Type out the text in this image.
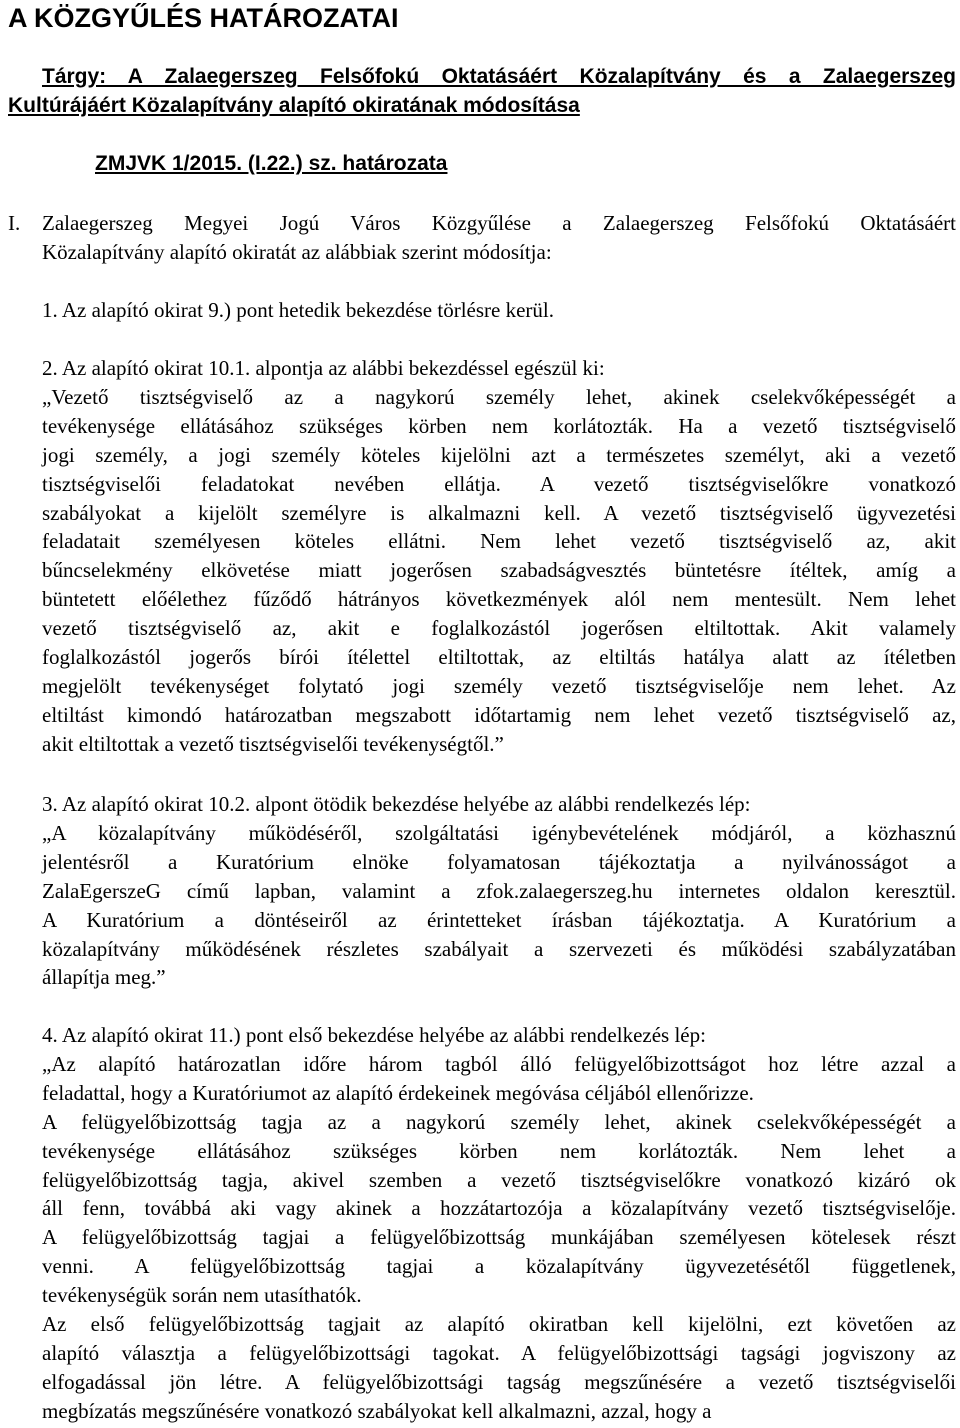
A KÖZGYŰLÉS HATÁROZATAI
Tárgy: A Zalaegerszeg Felsőfokú Oktatásáért Közalapítvány és a Zalaegerszeg
Kultúrájáért Közalapítvány alapító okiratának módosítása
ZMJVK 1/2015. (I.22.) sz. határozata
I.	Zalaegerszeg Megyei Jogú Város Közgyűlése a Zalaegerszeg Felsőfokú Oktatásáért
Közalapítvány alapító okiratát az alábbiak szerint módosítja:
1. Az alapító okirat 9.) pont hetedik bekezdése törlésre kerül.
2. Az alapító okirat 10.1. alpontja az alábbi bekezdéssel egészül ki:
„Vezető tisztségviselő az a nagykorú személy lehet, akinek cselekvőképességét a
tevékenysége ellátásához szükséges körben nem korlátozták. Ha a vezető tisztségviselő
jogi személy, a jogi személy köteles kijelölni azt a természetes személyt, aki a vezető
tisztségviselői feladatokat nevében ellátja. A vezető tisztségviselőkre vonatkozó
szabályokat a kijelölt személyre is alkalmazni kell. A vezető tisztségviselő ügyvezetési
feladatait személyesen köteles ellátni. Nem lehet vezető tisztségviselő az, akit
bűncselekmény elkövetése miatt jogerősen szabadságvesztés büntetésre ítéltek, amíg a
büntetett előélethez fűződő hátrányos következmények alól nem mentesült. Nem lehet
vezető tisztségviselő az, akit e foglalkozástól jogerősen eltiltottak. Akit valamely
foglalkozástól jogerős bírói ítélettel eltiltottak, az eltiltás hatálya alatt az ítéletben
megjelölt tevékenységet folytató jogi személy vezető tisztségviselője nem lehet. Az
eltiltást kimondó határozatban megszabott időtartamig nem lehet vezető tisztségviselő az,
akit eltiltottak a vezető tisztségviselői tevékenységtől.”
3. Az alapító okirat 10.2. alpont ötödik bekezdése helyébe az alábbi rendelkezés lép:
„A közalapítvány működéséről, szolgáltatási igénybevételének módjáról, a közhasznú
jelentésről a Kuratórium elnöke folyamatosan tájékoztatja a nyilvánosságot a
ZalaEgerszeG című lapban, valamint a zfok.zalaegerszeg.hu internetes oldalon keresztül.
A Kuratórium a döntéseiről az érintetteket írásban tájékoztatja. A Kuratórium a
közalapítvány működésének részletes szabályait a szervezeti és működési szabályzatában
állapítja meg.”
4. Az alapító okirat 11.) pont első bekezdése helyébe az alábbi rendelkezés lép:
„Az alapító határozatlan időre három tagból álló felügyelőbizottságot hoz létre azzal a
feladattal, hogy a Kuratóriumot az alapító érdekeinek megóvása céljából ellenőrizze.
A felügyelőbizottság tagja az a nagykorú személy lehet, akinek cselekvőképességét a
tevékenysége ellátásához szükséges körben nem korlátozták. Nem lehet a
felügyelőbizottság tagja, akivel szemben a vezető tisztségviselőkre vonatkozó kizáró ok
áll fenn, továbbá aki vagy akinek a hozzátartozója a közalapítvány vezető tisztségviselője.
A felügyelőbizottság tagjai a felügyelőbizottság munkájában személyesen kötelesek részt
venni. A felügyelőbizottság tagjai a közalapítvány ügyvezetésétől függetlenek,
tevékenységük során nem utasíthatók.
Az első felügyelőbizottság tagjait az alapító okiratban kell kijelölni, ezt követően az
alapító választja a felügyelőbizottsági tagokat. A felügyelőbizottsági tagsági jogviszony az
elfogadással jön létre. A felügyelőbizottsági tagság megszűnésére a vezető tisztségviselői
megbízatás megszűnésére vonatkozó szabályokat kell alkalmazni, azzal, hogy a
